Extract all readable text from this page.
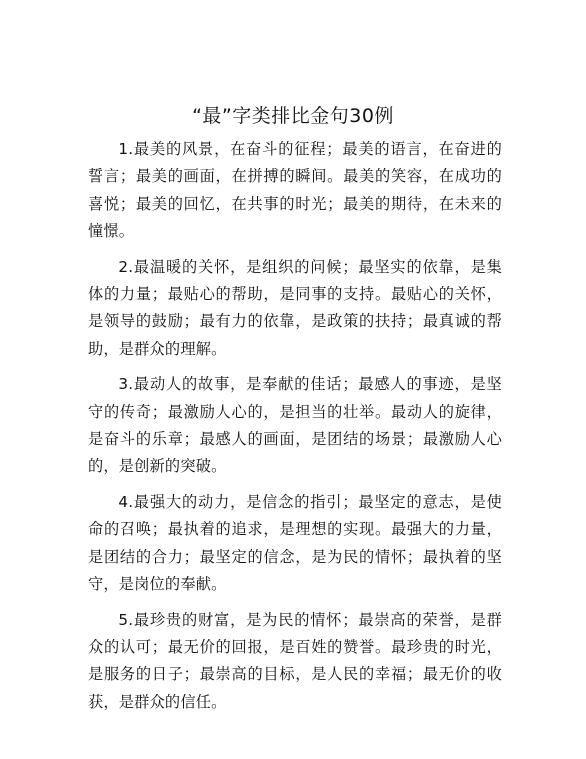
“最”字类排比金句30例

1.最美的风景，在奋斗的征程；最美的语言，在奋进的誓言；最美的画面，在拼搏的瞬间。最美的笑容，在成功的喜悦；最美的回忆，在共事的时光；最美的期待，在未来的憧憬。

2.最温暖的关怀，是组织的问候；最坚实的依靠，是集体的力量；最贴心的帮助，是同事的支持。最贴心的关怀，是领导的鼓励；最有力的依靠，是政策的扶持；最真诚的帮助，是群众的理解。

3.最动人的故事，是奉献的佳话；最感人的事迹，是坚守的传奇；最激励人心的，是担当的壮举。最动人的旋律，是奋斗的乐章；最感人的画面，是团结的场景；最激励人心的，是创新的突破。

4.最强大的动力，是信念的指引；最坚定的意志，是使命的召唤；最执着的追求，是理想的实现。最强大的力量，是团结的合力；最坚定的信念，是为民的情怀；最执着的坚守，是岗位的奉献。

5.最珍贵的财富，是为民的情怀；最崇高的荣誉，是群众的认可；最无价的回报，是百姓的赞誉。最珍贵的时光，是服务的日子；最崇高的目标，是人民的幸福；最无价的收获，是群众的信任。
